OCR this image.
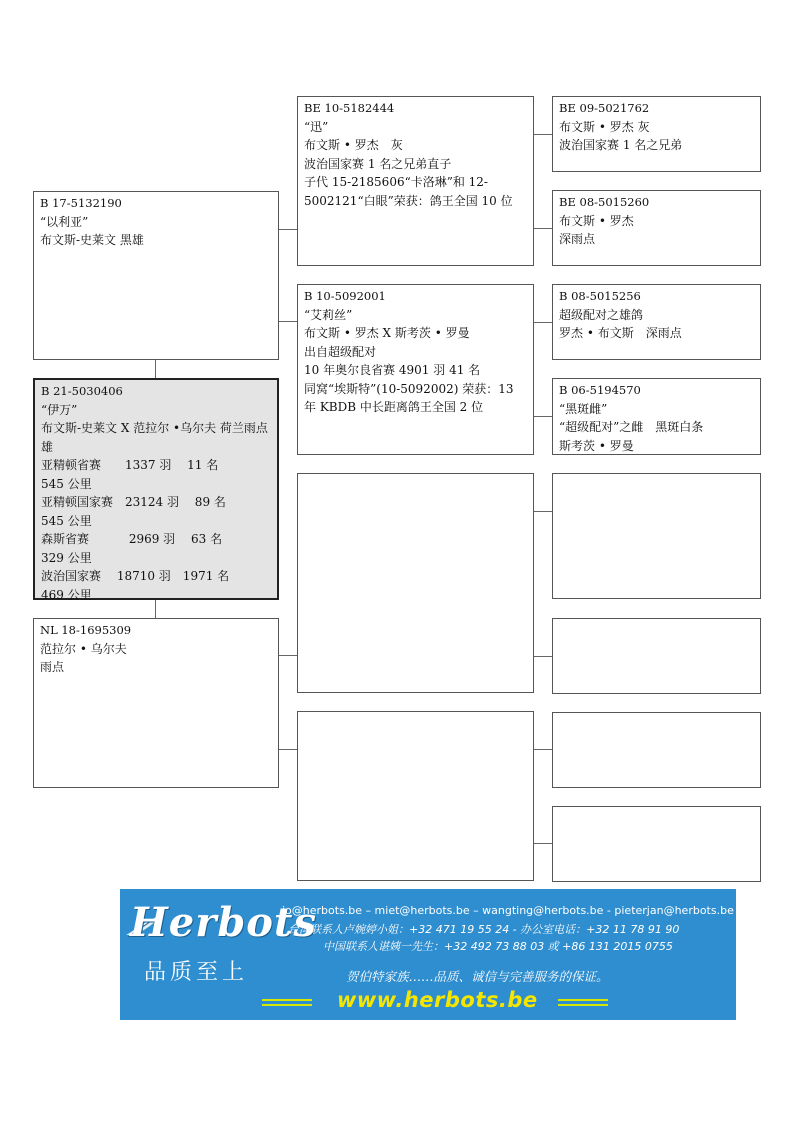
B 17-5132190
“以利亚”
布文斯-史莱文 黑雄
B 21-5030406
“伊万”
布文斯-史莱文 X 范拉尔 •乌尔夫 荷兰雨点雄
亚精顿省赛　　1337 羽　 11 名
545 公里
亚精顿国家赛　23124 羽　 89 名
545 公里
森斯省赛　　　 2969 羽　 63 名
329 公里
波治国家赛　 18710 羽　1971 名
469 公里
NL 18-1695309
范拉尔 • 乌尔夫
雨点
BE 10-5182444
“迅”
布文斯 • 罗杰　灰
波治国家赛 1 名之兄弟直子
子代 15-2185606“卡洛琳”和 12-5002121“白眼”荣获：鸽王全国 10 位
B 10-5092001
“艾莉丝”
布文斯 • 罗杰 X 斯考茨 • 罗曼
出自超级配对
10 年奥尔良省赛 4901 羽 41 名
同窝“埃斯特”(10-5092002) 荣获：13 年 KBDB 中长距离鸽王全国 2 位
BE 09-5021762
布文斯 • 罗杰 灰
波治国家赛 1 名之兄弟
BE 08-5015260
布文斯 • 罗杰
深雨点
B 08-5015256
超级配对之雄鸽
罗杰 • 布文斯　深雨点
B 06-5194570
“黑斑雌”
“超级配对”之雌　黑斑白条
斯考茨 • 罗曼
Herbots
品质至上
jo@herbots.be – miet@herbots.be – wangting@herbots.be - pieterjan@herbots.be
台湾联系人卢婉婷小姐：+32 471 19 55 24 - 办公室电话：+32 11 78 91 90
中国联系人谌姨一先生：+32 492 73 88 03 或 +86 131 2015 0755
贺伯特家族……品质、诚信与完善服务的保证。
www.herbots.be
